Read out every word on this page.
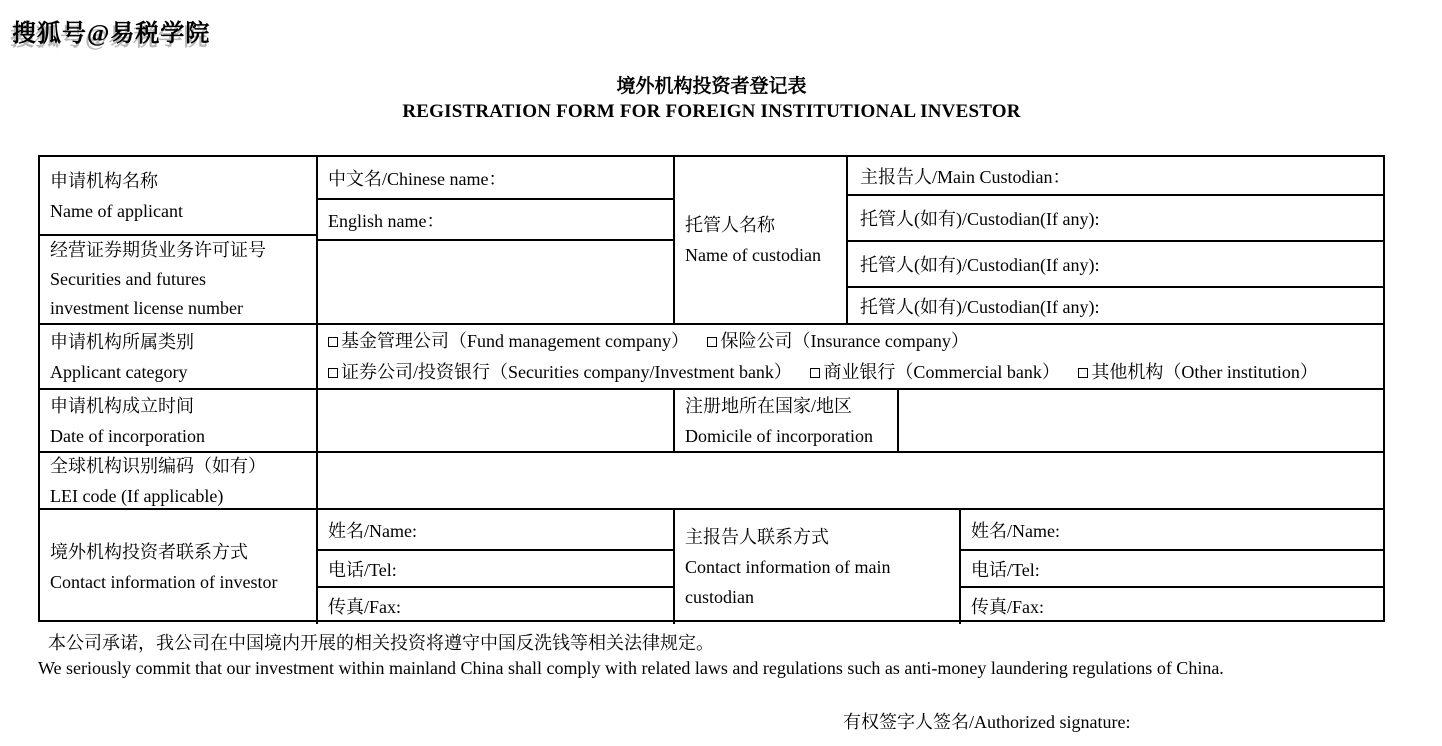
搜狐号@易税学院
境外机构投资者登记表
REGISTRATION FORM FOR FOREIGN INSTITUTIONAL INVESTOR
申请机构名称
Name of applicant
经营证券期货业务许可证号
Securities and futures
investment license number
中文名/Chinese name：
English name：	托管人名称
Name of custodian
主报告人/Main Custodian：
托管人(如有)/Custodian(If any):
托管人(如有)/Custodian(If any):
托管人(如有)/Custodian(If any):
申请机构所属类别
Applicant category
基金管理公司（Fund management company） 保险公司（Insurance company）
证券公司/投资银行（Securities company/Investment bank） 商业银行（Commercial bank） 其他机构（Other institution）
申请机构成立时间
Date of incorporation
注册地所在国家/地区
Domicile of incorporation
全球机构识别编码（如有）
LEI code (If applicable)
境外机构投资者联系方式
Contact information of investor
姓名/Name:
电话/Tel:
传真/Fax:
主报告人联系方式
Contact information of main
custodian
姓名/Name:
电话/Tel:
传真/Fax:
本公司承诺，我公司在中国境内开展的相关投资将遵守中国反洗钱等相关法律规定。
We seriously commit that our investment within mainland China shall comply with related laws and regulations such as anti-money laundering regulations of China.
有权签字人签名/Authorized signature:
